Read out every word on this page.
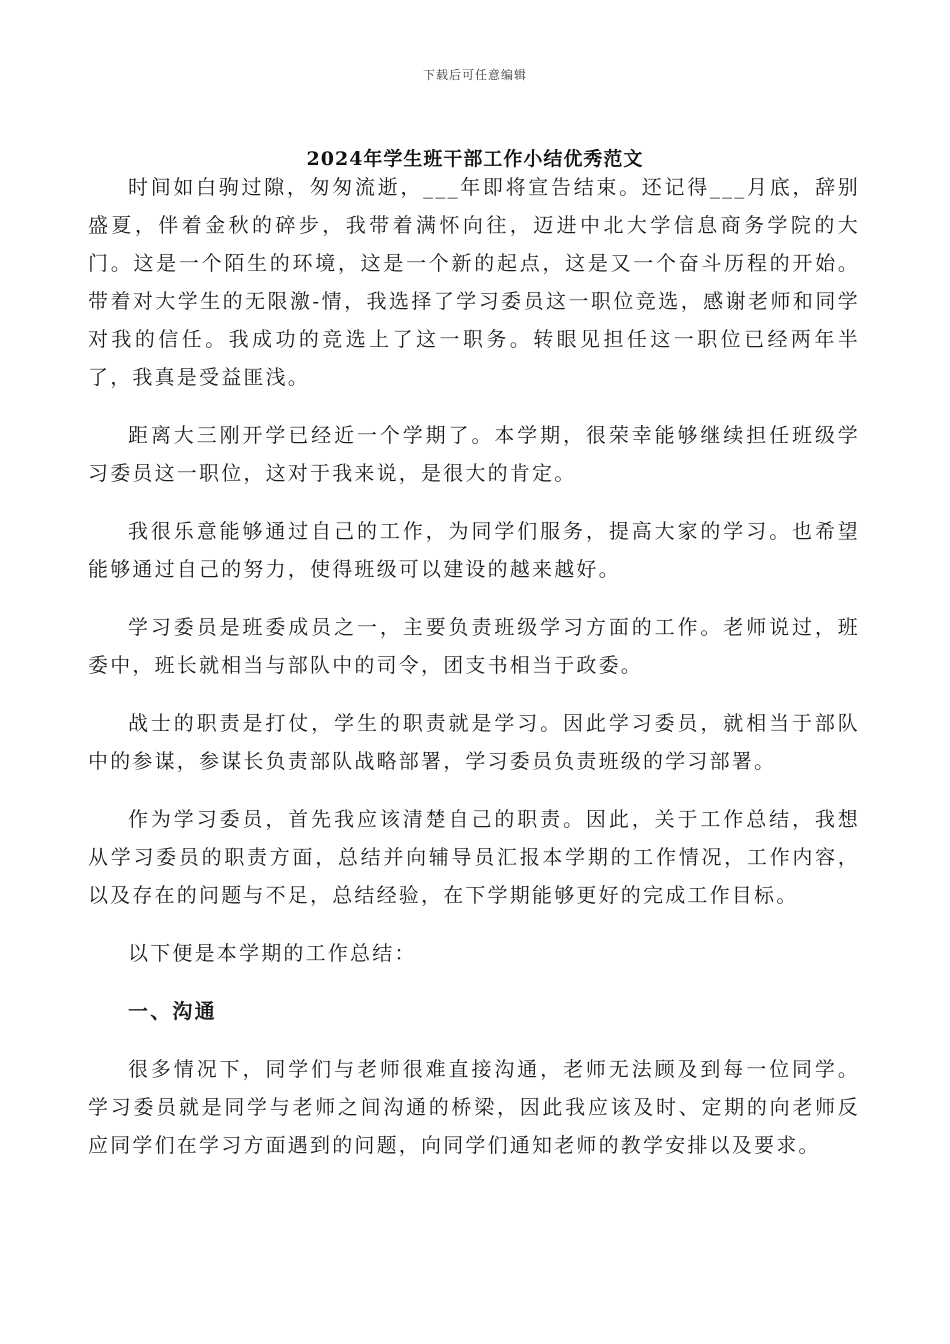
下载后可任意编辑
2024年学生班干部工作小结优秀范文

时间如白驹过隙，匆匆流逝，___年即将宣告结束。还记得___月底，辞别盛夏，伴着金秋的碎步，我带着满怀向往，迈进中北大学信息商务学院的大门。这是一个陌生的环境，这是一个新的起点，这是又一个奋斗历程的开始。带着对大学生的无限激-情，我选择了学习委员这一职位竞选，感谢老师和同学对我的信任。我成功的竞选上了这一职务。转眼见担任这一职位已经两年半了，我真是受益匪浅。

距离大三刚开学已经近一个学期了。本学期，很荣幸能够继续担任班级学习委员这一职位，这对于我来说，是很大的肯定。

我很乐意能够通过自己的工作，为同学们服务，提高大家的学习。也希望能够通过自己的努力，使得班级可以建设的越来越好。

学习委员是班委成员之一，主要负责班级学习方面的工作。老师说过，班委中，班长就相当与部队中的司令，团支书相当于政委。

战士的职责是打仗，学生的职责就是学习。因此学习委员，就相当于部队中的参谋，参谋长负责部队战略部署，学习委员负责班级的学习部署。

作为学习委员，首先我应该清楚自己的职责。因此，关于工作总结，我想从学习委员的职责方面，总结并向辅导员汇报本学期的工作情况，工作内容，以及存在的问题与不足，总结经验，在下学期能够更好的完成工作目标。

以下便是本学期的工作总结：

一、沟通

很多情况下，同学们与老师很难直接沟通，老师无法顾及到每一位同学。学习委员就是同学与老师之间沟通的桥梁，因此我应该及时、定期的向老师反应同学们在学习方面遇到的问题，向同学们通知老师的教学安排以及要求。
